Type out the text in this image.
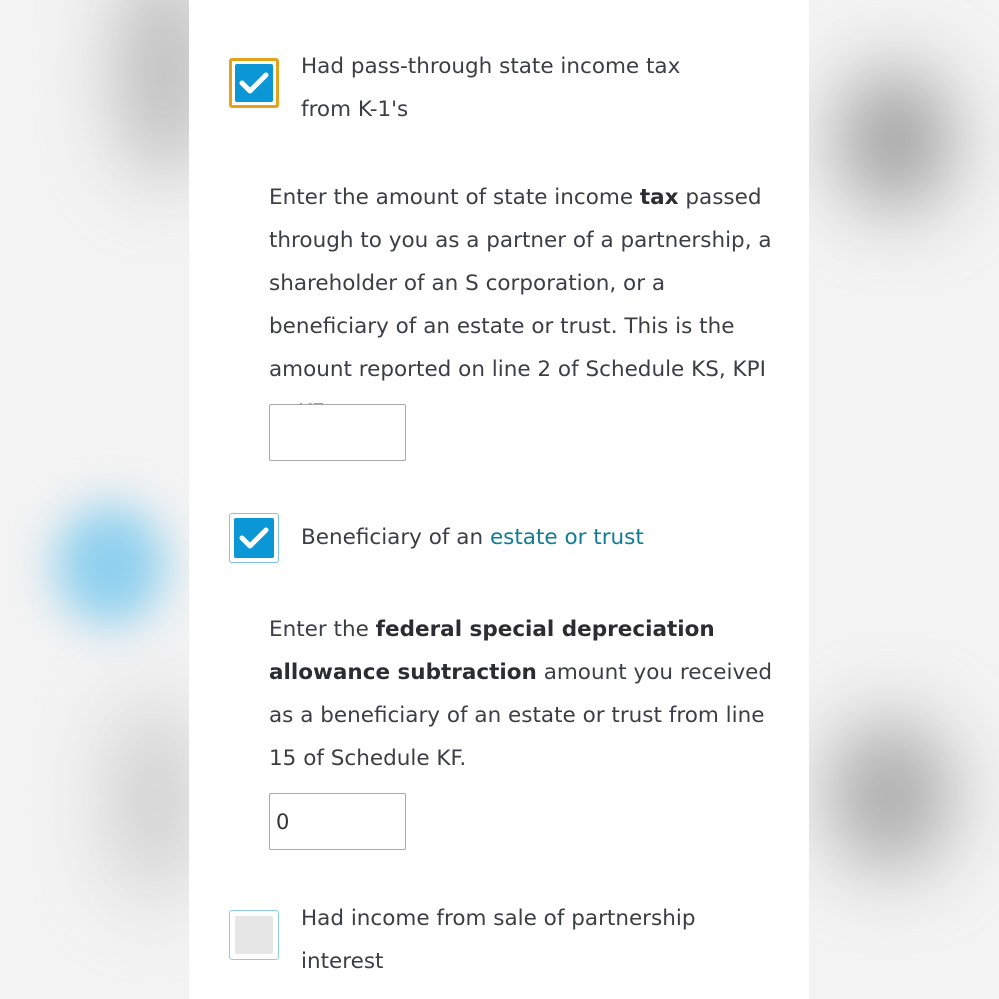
Had pass-through state income tax from K-1's

Enter the amount of state income tax passed through to you as a partner of a partnership, a shareholder of an S corporation, or a beneficiary of an estate or trust. This is the amount reported on line 2 of Schedule KS, KPI

Beneficiary of an estate or trust

Enter the federal special depreciation allowance subtraction amount you received as a beneficiary of an estate or trust from line 15 of Schedule KF.

0
Had income from sale of partnership interest
